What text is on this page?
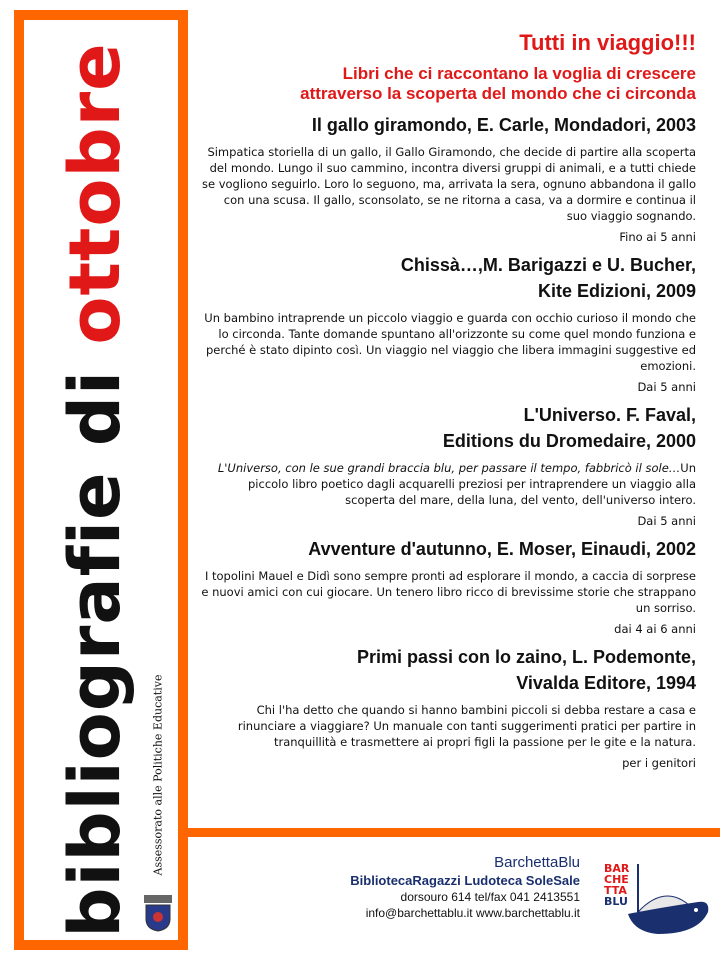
bibliografie di ottobre
Assessorato alle Politiche Educative
Tutti in viaggio!!!
Libri che ci raccontano la voglia di crescere
attraverso la scoperta del mondo che ci circonda
Il gallo giramondo, E. Carle, Mondadori, 2003
Simpatica storiella di un gallo, il Gallo Giramondo, che decide di partire alla scoperta del mondo. Lungo il suo cammino, incontra diversi gruppi di animali, e a tutti chiede se vogliono seguirlo. Loro lo seguono, ma, arrivata la sera, ognuno abbandona il gallo con una scusa. Il gallo, sconsolato, se ne ritorna a casa, va a dormire e continua il suo viaggio sognando.
Fino ai 5 anni
Chissà…,M. Barigazzi e U. Bucher,
Kite Edizioni, 2009
Un bambino intraprende un piccolo viaggio e guarda con occhio curioso il mondo che lo circonda. Tante domande spuntano all'orizzonte su come quel mondo funziona e perché è stato dipinto così. Un viaggio nel viaggio che libera immagini suggestive ed emozioni.
Dai 5 anni
L'Universo. F. Faval,
Editions du Dromedaire, 2000
L'Universo, con le sue grandi braccia blu, per passare il tempo, fabbricò il sole…Un piccolo libro poetico dagli acquarelli preziosi per intraprendere un viaggio alla scoperta del mare, della luna, del vento, dell'universo intero.
Dai 5 anni
Avventure d'autunno, E. Moser, Einaudi, 2002
I topolini Mauel e Didì sono sempre pronti ad esplorare il mondo, a caccia di sorprese e nuovi amici con cui giocare. Un tenero libro ricco di brevissime storie che strappano un sorriso.
dai 4 ai 6 anni
Primi passi con lo zaino, L. Podemonte,
Vivalda Editore, 1994
Chi l'ha detto che quando si hanno bambini piccoli si debba restare a casa e rinunciare a viaggiare? Un manuale con tanti suggerimenti pratici per partire in tranquillità e trasmettere ai propri figli la passione per le gite e la natura.
per i genitori

BarchettaBlu

BibliotecaRagazzi Ludoteca SoleSale

dorsouro 614 tel/fax 041 2413551

info@barchettablu.it www.barchettablu.it

BAR
CHE
TTA
BLU
